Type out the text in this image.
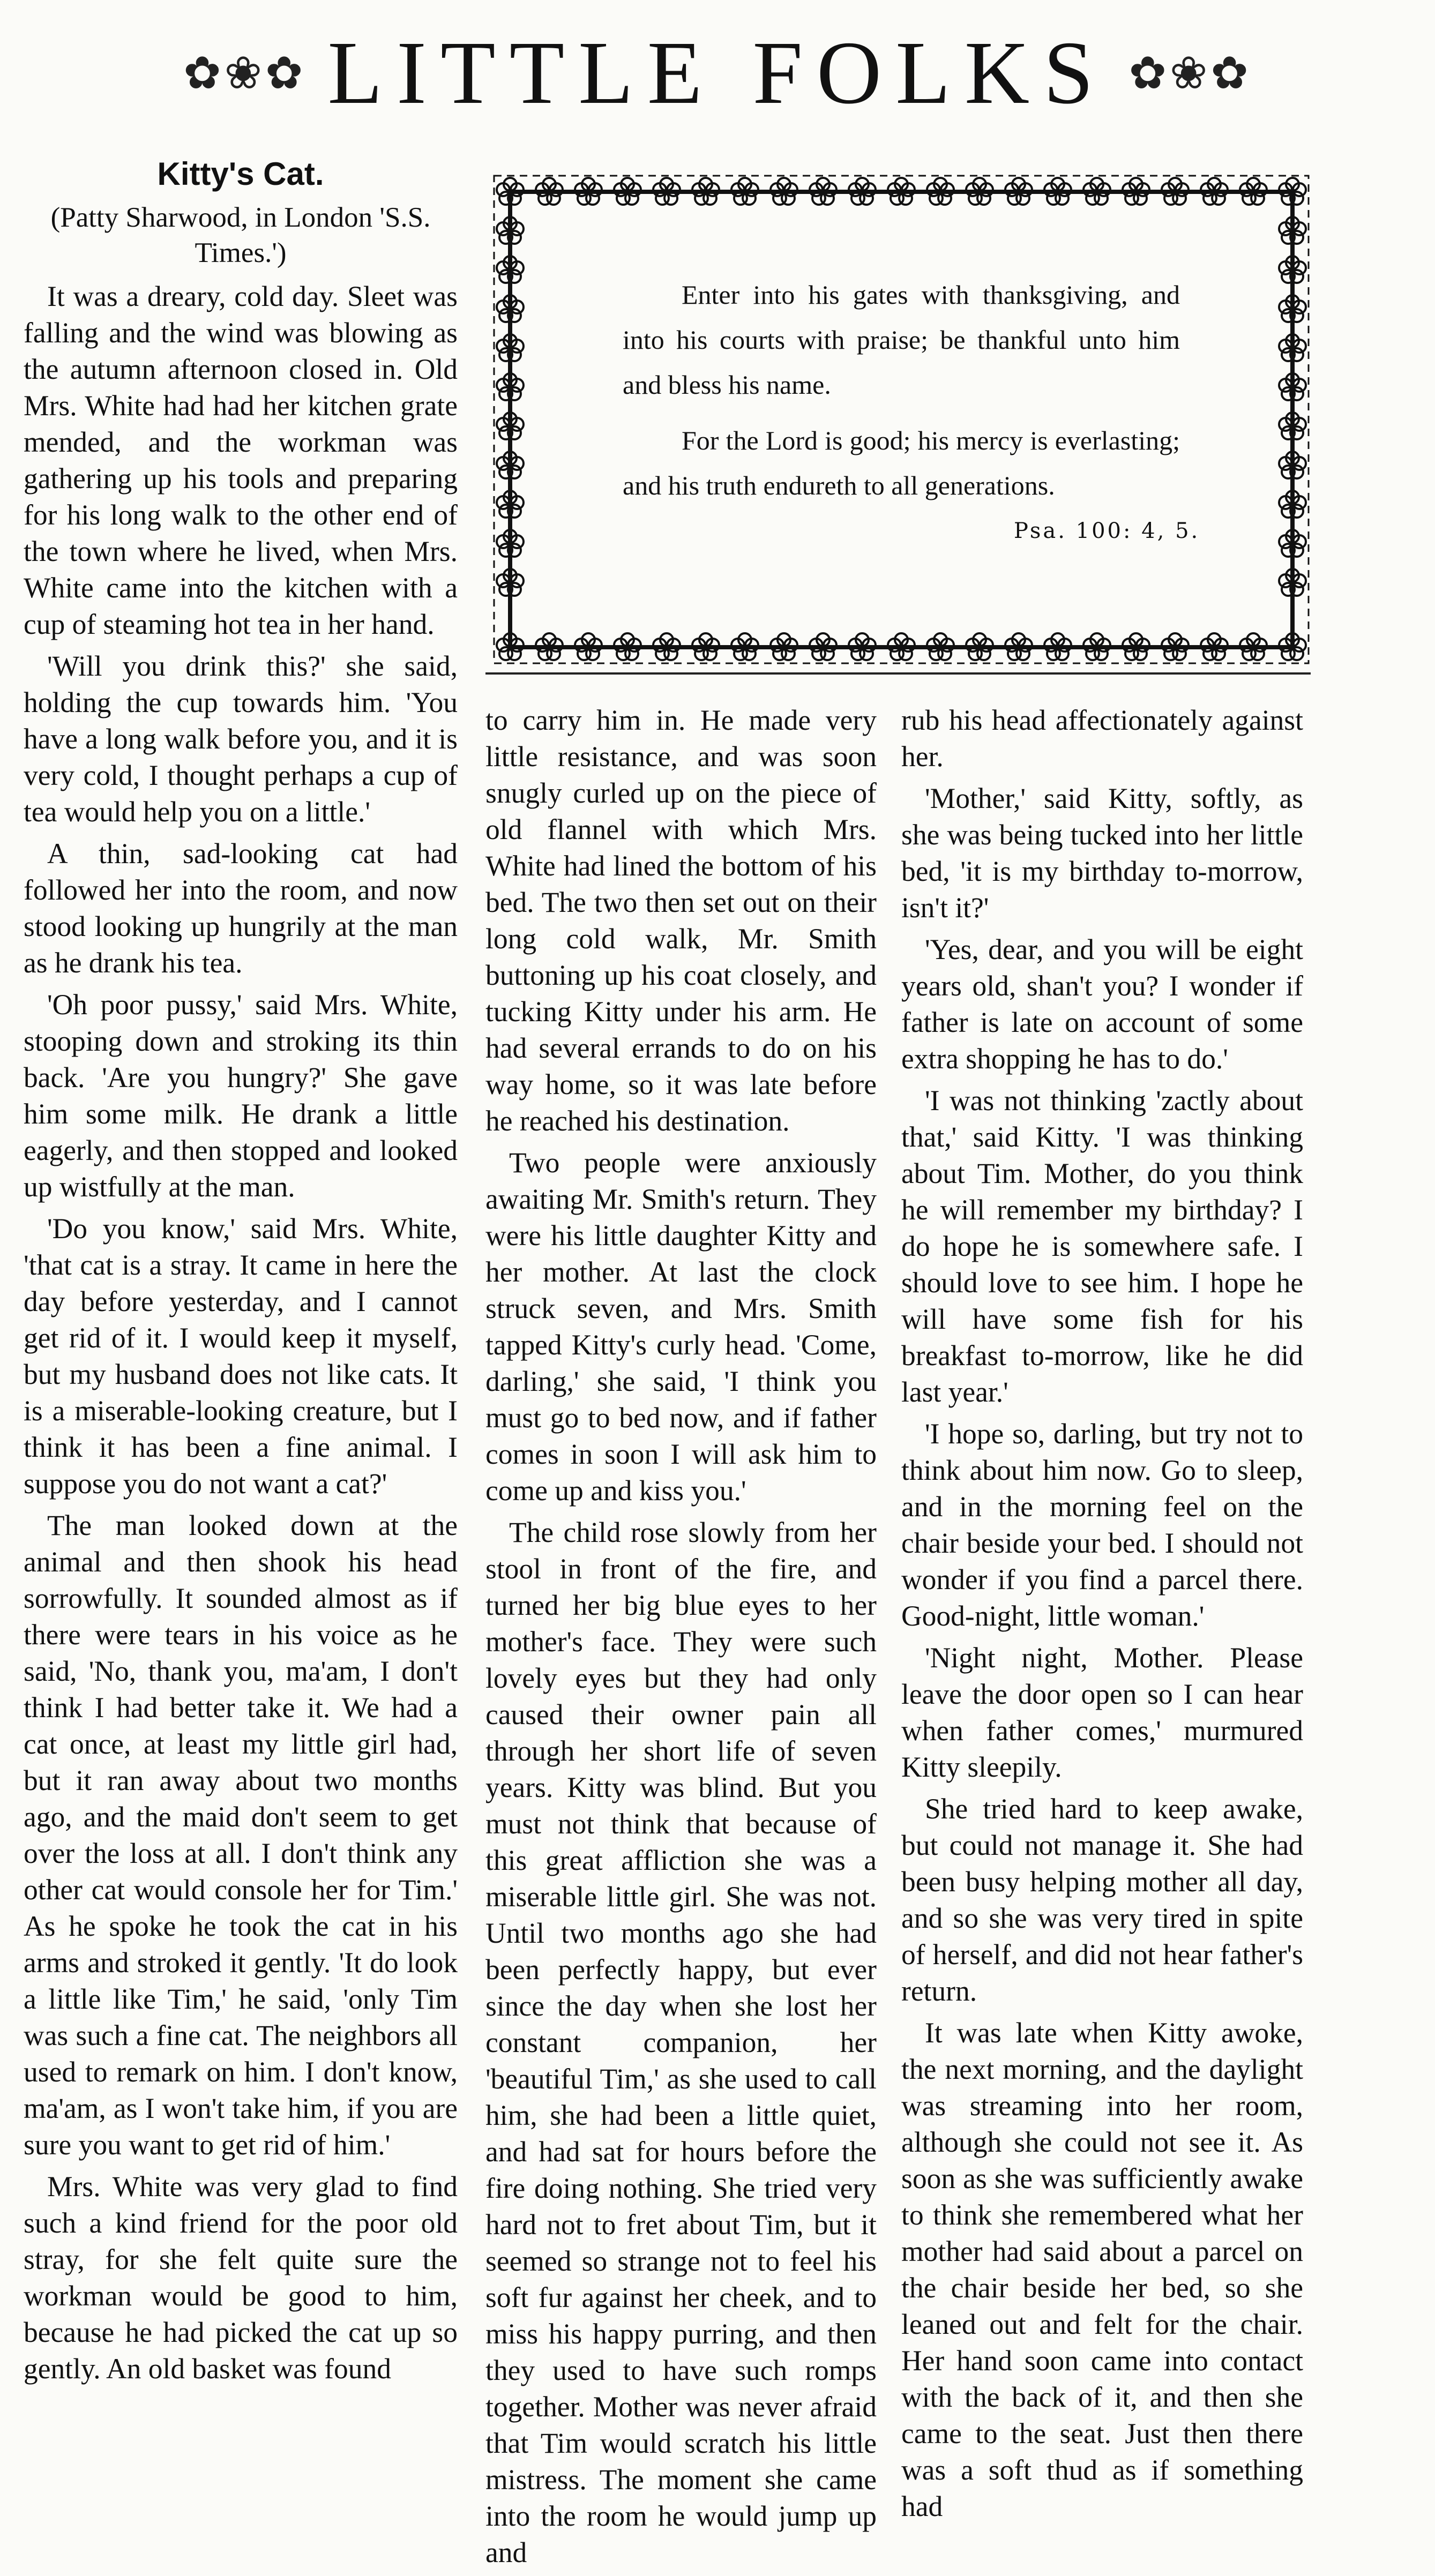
✿❀✿ LITTLE FOLKS ✿❀✿
Kitty's Cat.
(Patty Sharwood, in London 'S.S. Times.')

It was a dreary, cold day. Sleet was falling and the wind was blowing as the autumn afternoon closed in. Old Mrs. White had had her kitchen grate mended, and the workman was gathering up his tools and preparing for his long walk to the other end of the town where he lived, when Mrs. White came into the kitchen with a cup of steaming hot tea in her hand.

'Will you drink this?' she said, holding the cup towards him. 'You have a long walk before you, and it is very cold, I thought perhaps a cup of tea would help you on a little.'

A thin, sad-looking cat had followed her into the room, and now stood looking up hungrily at the man as he drank his tea.

'Oh poor pussy,' said Mrs. White, stooping down and stroking its thin back. 'Are you hungry?' She gave him some milk. He drank a little eagerly, and then stopped and looked up wistfully at the man.

'Do you know,' said Mrs. White, 'that cat is a stray. It came in here the day before yesterday, and I cannot get rid of it. I would keep it myself, but my husband does not like cats. It is a miserable-looking creature, but I think it has been a fine animal. I suppose you do not want a cat?'

The man looked down at the animal and then shook his head sorrowfully. It sounded almost as if there were tears in his voice as he said, 'No, thank you, ma'am, I don't think I had better take it. We had a cat once, at least my little girl had, but it ran away about two months ago, and the maid don't seem to get over the loss at all. I don't think any other cat would console her for Tim.' As he spoke he took the cat in his arms and stroked it gently. 'It do look a little like Tim,' he said, 'only Tim was such a fine cat. The neighbors all used to remark on him. I don't know, ma'am, as I won't take him, if you are sure you want to get rid of him.'

Mrs. White was very glad to find such a kind friend for the poor old stray, for she felt quite sure the workman would be good to him, because he had picked the cat up so gently. An old basket was found

Enter into his gates with thanksgiving, and into his courts with praise; be thankful unto him and bless his name.

For the Lord is good; his mercy is everlasting; and his truth endureth to all generations.

Psa. 100: 4, 5.

to carry him in. He made very little resistance, and was soon snugly curled up on the piece of old flannel with which Mrs. White had lined the bottom of his bed. The two then set out on their long cold walk, Mr. Smith buttoning up his coat closely, and tucking Kitty under his arm. He had several errands to do on his way home, so it was late before he reached his destination.

Two people were anxiously awaiting Mr. Smith's return. They were his little daughter Kitty and her mother. At last the clock struck seven, and Mrs. Smith tapped Kitty's curly head. 'Come, darling,' she said, 'I think you must go to bed now, and if father comes in soon I will ask him to come up and kiss you.'

The child rose slowly from her stool in front of the fire, and turned her big blue eyes to her mother's face. They were such lovely eyes but they had only caused their owner pain all through her short life of seven years. Kitty was blind. But you must not think that because of this great affliction she was a miserable little girl. She was not. Until two months ago she had been perfectly happy, but ever since the day when she lost her constant companion, her 'beautiful Tim,' as she used to call him, she had been a little quiet, and had sat for hours before the fire doing nothing. She tried very hard not to fret about Tim, but it seemed so strange not to feel his soft fur against her cheek, and to miss his happy purring, and then they used to have such romps together. Mother was never afraid that Tim would scratch his little mistress. The moment she came into the room he would jump up and

rub his head affectionately against her.

'Mother,' said Kitty, softly, as she was being tucked into her little bed, 'it is my birthday to-morrow, isn't it?'

'Yes, dear, and you will be eight years old, shan't you? I wonder if father is late on account of some extra shopping he has to do.'

'I was not thinking 'zactly about that,' said Kitty. 'I was thinking about Tim. Mother, do you think he will remember my birthday? I do hope he is somewhere safe. I should love to see him. I hope he will have some fish for his breakfast to-morrow, like he did last year.'

'I hope so, darling, but try not to think about him now. Go to sleep, and in the morning feel on the chair beside your bed. I should not wonder if you find a parcel there. Good-night, little woman.'

'Night night, Mother. Please leave the door open so I can hear when father comes,' murmured Kitty sleepily.

She tried hard to keep awake, but could not manage it. She had been busy helping mother all day, and so she was very tired in spite of herself, and did not hear father's return.

It was late when Kitty awoke, the next morning, and the daylight was streaming into her room, although she could not see it. As soon as she was sufficiently awake to think she remembered what her mother had said about a parcel on the chair beside her bed, so she leaned out and felt for the chair. Her hand soon came into contact with the back of it, and then she came to the seat. Just then there was a soft thud as if something had
